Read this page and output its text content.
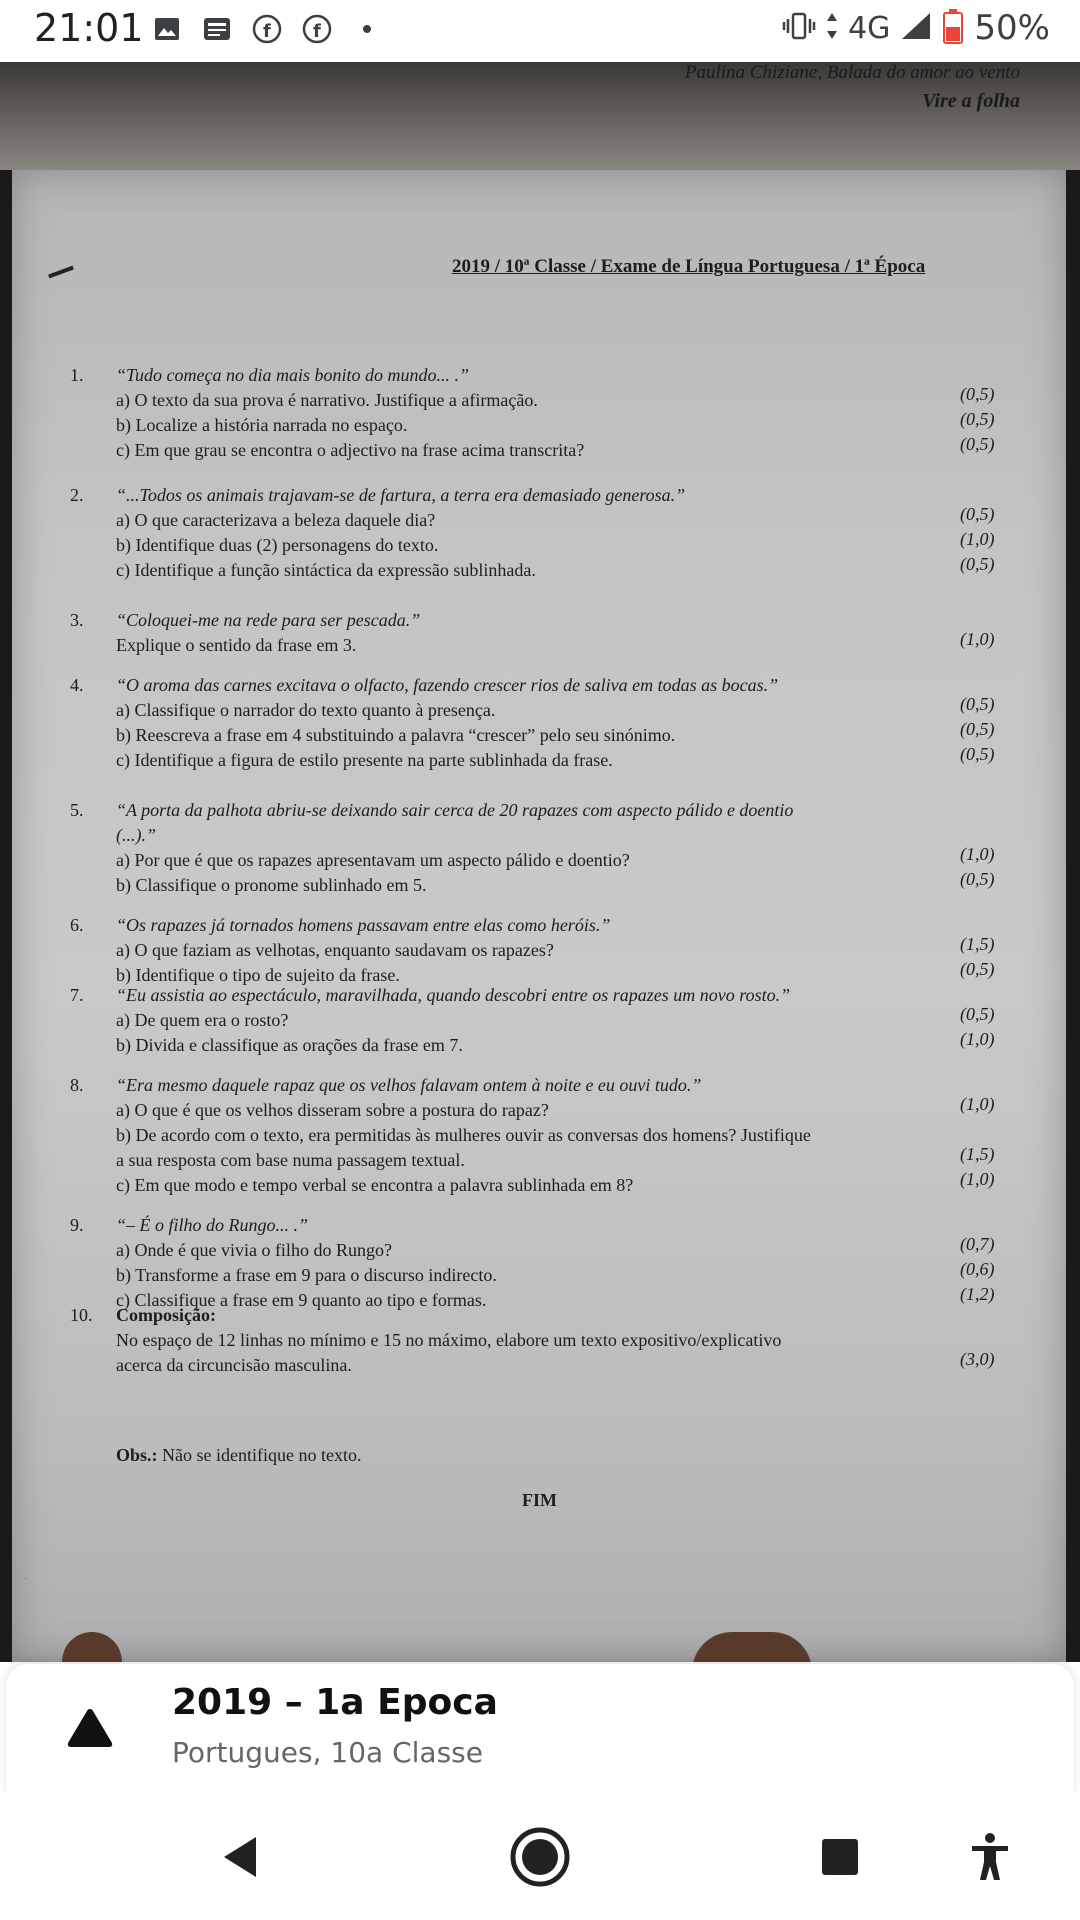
21:01	f f	4G 50%
Paulina Chiziane, Balada do amor ao vento
Vire a folha
2019 / 10ª Classe / Exame de Língua Portuguesa / 1ª Época
1. “Tudo começa no dia mais bonito do mundo... .”
a) O texto da sua prova é narrativo. Justifique a afirmação.	(0,5)
b) Localize a história narrada no espaço.	(0,5)
c) Em que grau se encontra o adjectivo na frase acima transcrita?	(0,5)
2. “...Todos os animais trajavam-se de fartura, a terra era demasiado generosa.”
a) O que caracterizava a beleza daquele dia?	(0,5)
b) Identifique duas (2) personagens do texto.	(1,0)
c) Identifique a função sintáctica da expressão sublinhada.	(0,5)
3. “Coloquei-me na rede para ser pescada.”
Explique o sentido da frase em 3.	(1,0)
4. “O aroma das carnes excitava o olfacto, fazendo crescer rios de saliva em todas as bocas.”
a) Classifique o narrador do texto quanto à presença.	(0,5)
b) Reescreva a frase em 4 substituindo a palavra “crescer” pelo seu sinónimo.	(0,5)
c) Identifique a figura de estilo presente na parte sublinhada da frase.	(0,5)
5. “A porta da palhota abriu-se deixando sair cerca de 20 rapazes com aspecto pálido e doentio
(...).”
a) Por que é que os rapazes apresentavam um aspecto pálido e doentio?	(1,0)
b) Classifique o pronome sublinhado em 5.	(0,5)
6. “Os rapazes já tornados homens passavam entre elas como heróis.”
a) O que faziam as velhotas, enquanto saudavam os rapazes?	(1,5)
b) Identifique o tipo de sujeito da frase.	(0,5)
7. “Eu assistia ao espectáculo, maravilhada, quando descobri entre os rapazes um novo rosto.”
a) De quem era o rosto?	(0,5)
b) Divida e classifique as orações da frase em 7.	(1,0)
8. “Era mesmo daquele rapaz que os velhos falavam ontem à noite e eu ouvi tudo.”
a) O que é que os velhos disseram sobre a postura do rapaz?	(1,0)
b) De acordo com o texto, era permitidas às mulheres ouvir as conversas dos homens? Justifique
a sua resposta com base numa passagem textual.	(1,5)
c) Em que modo e tempo verbal se encontra a palavra sublinhada em 8?	(1,0)
9. “– É o filho do Rungo... .”
a) Onde é que vivia o filho do Rungo?	(0,7)
b) Transforme a frase em 9 para o discurso indirecto.	(0,6)
c) Classifique a frase em 9 quanto ao tipo e formas.	(1,2)
10. Composição:
No espaço de 12 linhas no mínimo e 15 no máximo, elabore um texto expositivo/explicativo
acerca da circuncisão masculina.	(3,0)
Obs.: Não se identifique no texto.
FIM
·
2019 – 1a Epoca
Portugues, 10a Classe
